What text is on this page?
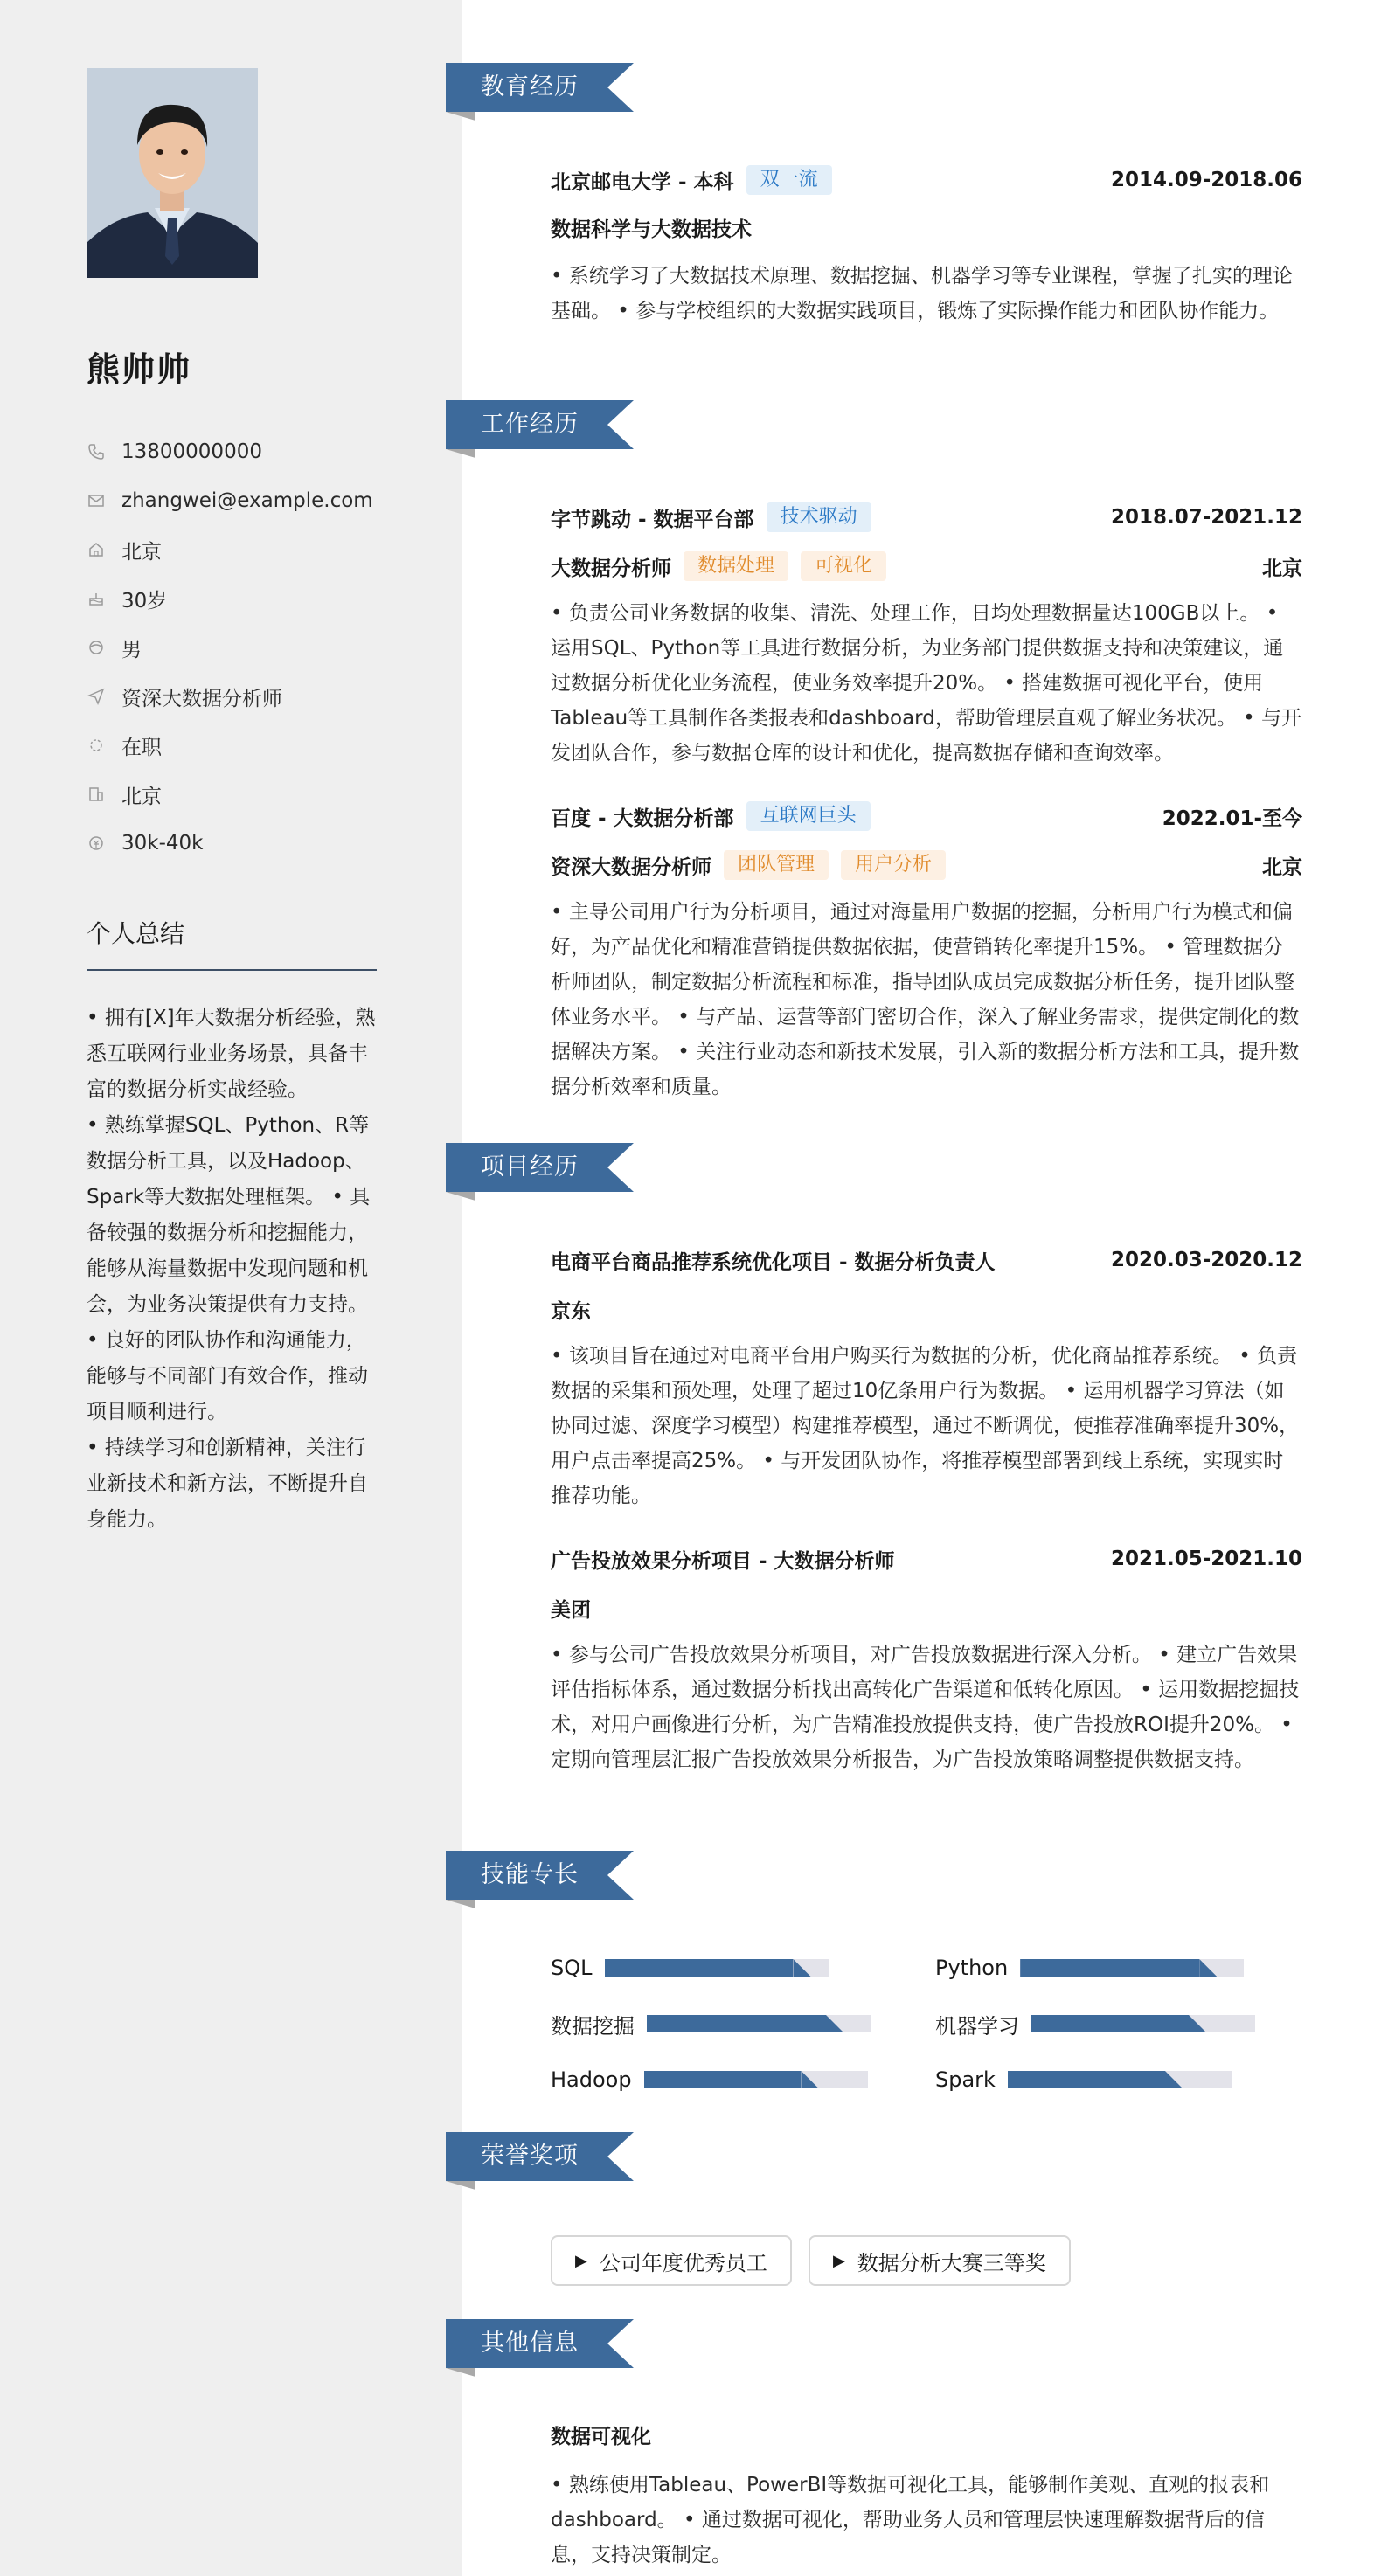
熊帅帅
13800000000
zhangwei@example.com
北京
30岁
男
资深大数据分析师
在职
北京
30k-40k
个人总结

• 拥有[X]年大数据分析经验，熟悉互联网行业业务场景，具备丰富的数据分析实战经验。

• 熟练掌握SQL、Python、R等数据分析工具，以及Hadoop、Spark等大数据处理框架。 • 具备较强的数据分析和挖掘能力，能够从海量数据中发现问题和机会，为业务决策提供有力支持。 • 良好的团队协作和沟通能力，能够与不同部门有效合作，推动项目顺利进行。

• 持续学习和创新精神，关注行业新技术和新方法，不断提升自身能力。

教育经历
北京邮电大学 - 本科	双一流	2014.09-2018.06
数据科学与大数据技术
• 系统学习了大数据技术原理、数据挖掘、机器学习等专业课程，掌握了扎实的理论基础。 • 参与学校组织的大数据实践项目，锻炼了实际操作能力和团队协作能力。
工作经历
字节跳动 - 数据平台部	技术驱动	2018.07-2021.12
大数据分析师	数据处理	可视化	北京
• 负责公司业务数据的收集、清洗、处理工作，日均处理数据量达100GB以上。 • 运用SQL、Python等工具进行数据分析，为业务部门提供数据支持和决策建议，通过数据分析优化业务流程，使业务效率提升20%。 • 搭建数据可视化平台，使用Tableau等工具制作各类报表和dashboard，帮助管理层直观了解业务状况。 • 与开发团队合作，参与数据仓库的设计和优化，提高数据存储和查询效率。
百度 - 大数据分析部	互联网巨头	2022.01-至今
资深大数据分析师	团队管理	用户分析	北京
• 主导公司用户行为分析项目，通过对海量用户数据的挖掘，分析用户行为模式和偏好，为产品优化和精准营销提供数据依据，使营销转化率提升15%。 • 管理数据分析师团队，制定数据分析流程和标准，指导团队成员完成数据分析任务，提升团队整体业务水平。 • 与产品、运营等部门密切合作，深入了解业务需求，提供定制化的数据解决方案。 • 关注行业动态和新技术发展，引入新的数据分析方法和工具，提升数据分析效率和质量。
项目经历
电商平台商品推荐系统优化项目 - 数据分析负责人	2020.03-2020.12
京东
• 该项目旨在通过对电商平台用户购买行为数据的分析，优化商品推荐系统。 • 负责数据的采集和预处理，处理了超过10亿条用户行为数据。 • 运用机器学习算法（如协同过滤、深度学习模型）构建推荐模型，通过不断调优，使推荐准确率提升30%，用户点击率提高25%。 • 与开发团队协作，将推荐模型部署到线上系统，实现实时推荐功能。
广告投放效果分析项目 - 大数据分析师	2021.05-2021.10
美团
• 参与公司广告投放效果分析项目，对广告投放数据进行深入分析。 • 建立广告效果评估指标体系，通过数据分析找出高转化广告渠道和低转化原因。 • 运用数据挖掘技术，对用户画像进行分析，为广告精准投放提供支持，使广告投放ROI提升20%。 • 定期向管理层汇报广告投放效果分析报告，为广告投放策略调整提供数据支持。
技能专长
SQL	Python
数据挖掘	机器学习
Hadoop	Spark
荣誉奖项
▶ 公司年度优秀员工
	▶ 数据分析大赛三等奖
其他信息
数据可视化
• 熟练使用Tableau、PowerBI等数据可视化工具，能够制作美观、直观的报表和dashboard。 • 通过数据可视化，帮助业务人员和管理层快速理解数据背后的信息，支持决策制定。
